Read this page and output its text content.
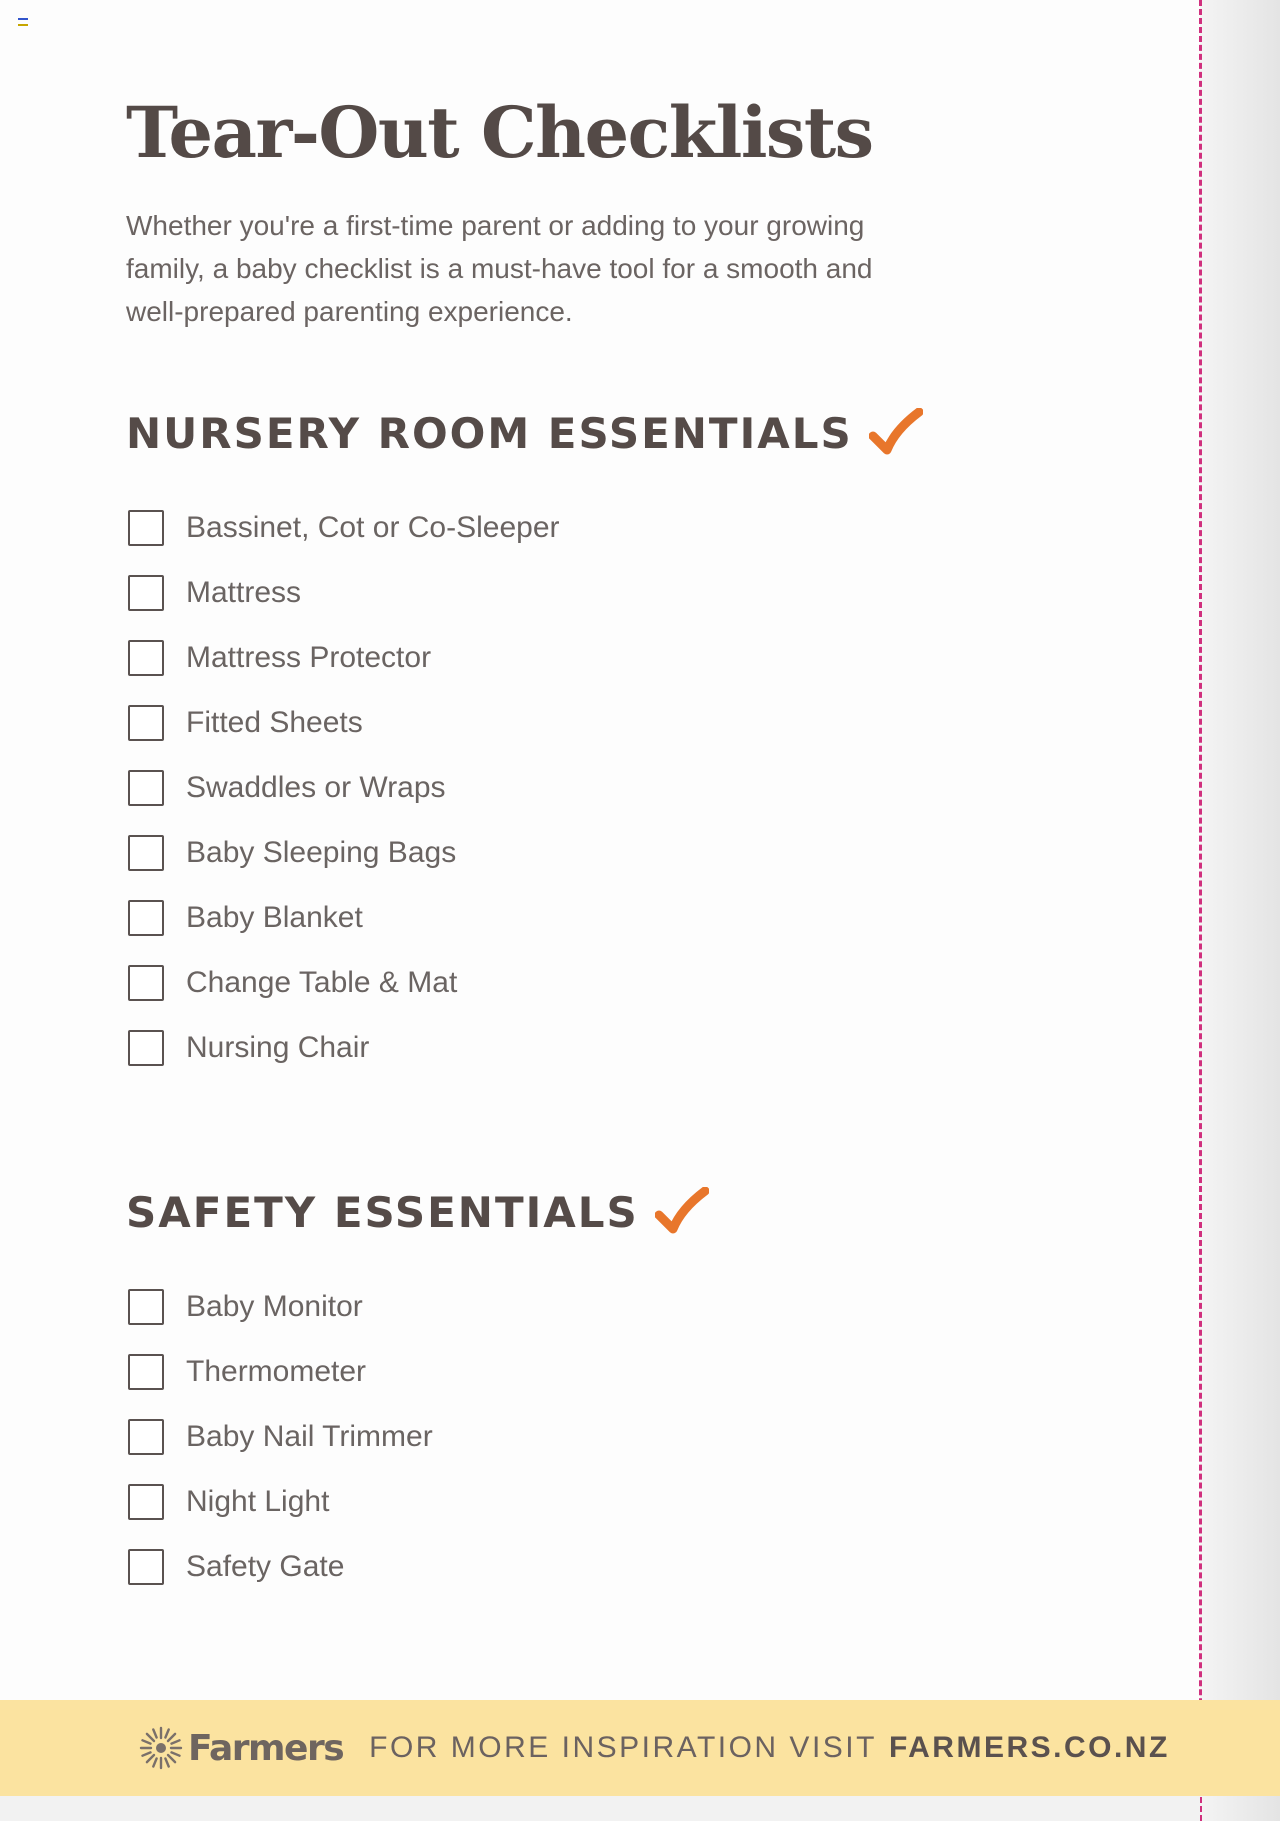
Tear-Out Checklists

Whether you're a first-time parent or adding to your growing family, a baby checklist is a must-have tool for a smooth and well-prepared parenting experience.

NURSERY ROOM ESSENTIALS
Bassinet, Cot or Co-Sleeper
Mattress
Mattress Protector
Fitted Sheets
Swaddles or Wraps
Baby Sleeping Bags
Baby Blanket
Change Table & Mat
Nursing Chair
SAFETY ESSENTIALS
Baby Monitor
Thermometer
Baby Nail Trimmer
Night Light
Safety Gate
Farmers FOR MORE INSPIRATION VISIT FARMERS.CO.NZ
